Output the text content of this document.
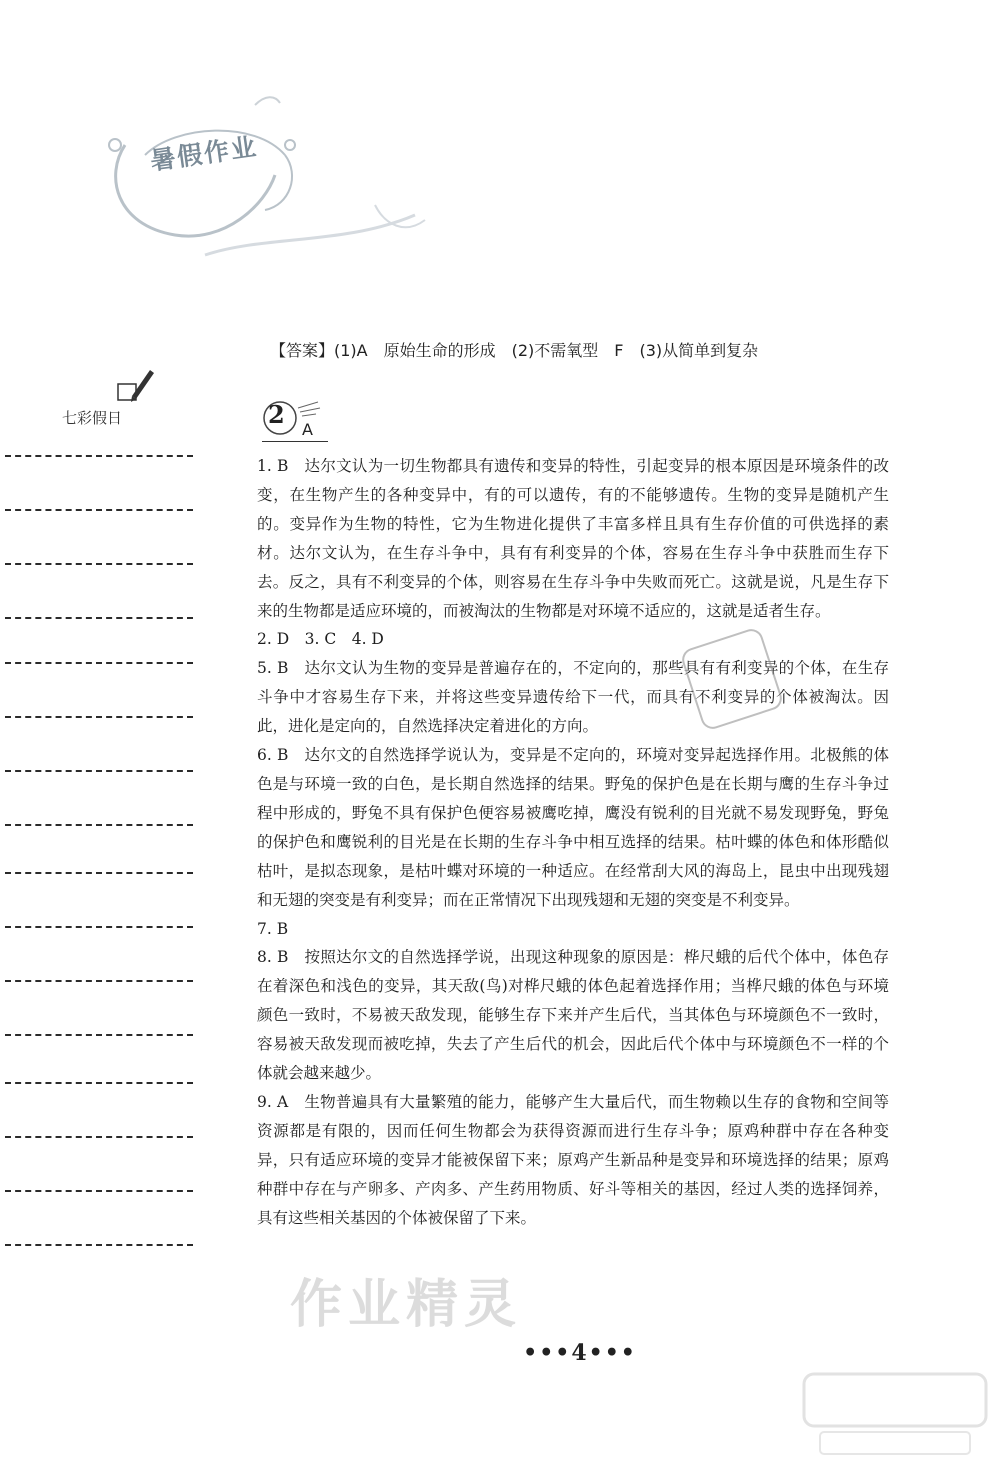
暑假作业
【答案】(1)A　原始生命的形成　(2)不需氧型　F　(3)从简单到复杂
七彩假日	2
A

1. B　达尔文认为一切生物都具有遗传和变异的特性，引起变异的根本原因是环境条件的改变，在生物产生的各种变异中，有的可以遗传，有的不能够遗传。生物的变异是随机产生的。变异作为生物的特性，它为生物进化提供了丰富多样且具有生存价值的可供选择的素材。达尔文认为，在生存斗争中，具有有利变异的个体，容易在生存斗争中获胜而生存下去。反之，具有不利变异的个体，则容易在生存斗争中失败而死亡。这就是说，凡是生存下来的生物都是适应环境的，而被淘汰的生物都是对环境不适应的，这就是适者生存。

2. D　3. C　4. D

5. B　达尔文认为生物的变异是普遍存在的，不定向的，那些具有有利变异的个体，在生存斗争中才容易生存下来，并将这些变异遗传给下一代，而具有不利变异的个体被淘汰。因此，进化是定向的，自然选择决定着进化的方向。

6. B　达尔文的自然选择学说认为，变异是不定向的，环境对变异起选择作用。北极熊的体色是与环境一致的白色，是长期自然选择的结果。野兔的保护色是在长期与鹰的生存斗争过程中形成的，野兔不具有保护色便容易被鹰吃掉，鹰没有锐利的目光就不易发现野兔，野兔的保护色和鹰锐利的目光是在长期的生存斗争中相互选择的结果。枯叶蝶的体色和体形酷似枯叶，是拟态现象，是枯叶蝶对环境的一种适应。在经常刮大风的海岛上，昆虫中出现残翅和无翅的突变是有利变异；而在正常情况下出现残翅和无翅的突变是不利变异。

7. B

8. B　按照达尔文的自然选择学说，出现这种现象的原因是：桦尺蛾的后代个体中，体色存在着深色和浅色的变异，其天敌(鸟)对桦尺蛾的体色起着选择作用；当桦尺蛾的体色与环境颜色一致时，不易被天敌发现，能够生存下来并产生后代，当其体色与环境颜色不一致时，容易被天敌发现而被吃掉，失去了产生后代的机会，因此后代个体中与环境颜色不一样的个体就会越来越少。

9. A　生物普遍具有大量繁殖的能力，能够产生大量后代，而生物赖以生存的食物和空间等资源都是有限的，因而任何生物都会为获得资源而进行生存斗争；原鸡种群中存在各种变异，只有适应环境的变异才能被保留下来；原鸡产生新品种是变异和环境选择的结果；原鸡种群中存在与产卵多、产肉多、产生药用物质、好斗等相关的基因，经过人类的选择饲养，具有这些相关基因的个体被保留了下来。

作业精灵
•••4•••
